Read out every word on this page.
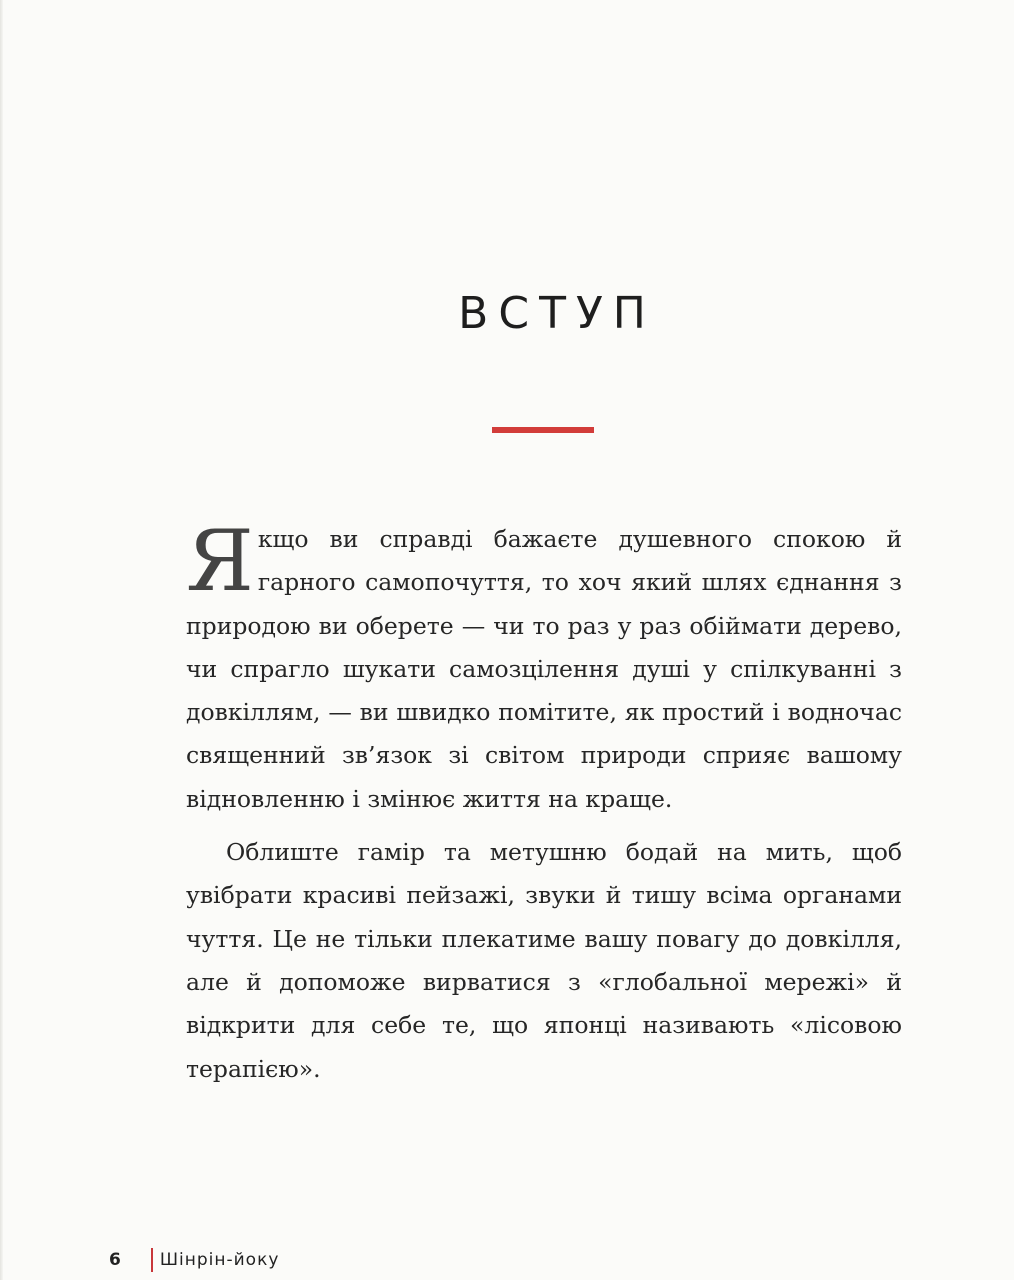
ВСТУП

Якщо ви справді бажаєте душевного спокою й гарного самопочуття, то хоч який шлях єднання з природою ви оберете — чи то раз у раз обіймати дерево, чи спрагло шукати самозцілення душі у спілкуванні з довкіллям, — ви швидко помітите, як простий і водночас священний зв’язок зі світом природи сприяє вашому відновленню і змінює життя на краще.

Облиште гамір та метушню бодай на мить, щоб увібрати красиві пейзажі, звуки й тишу всіма органами чуття. Це не тільки плекатиме вашу повагу до довкілля, але й допоможе вирватися з «глобальної мережі» й відкрити для себе те, що японці називають «лісовою терапією».

6 Шінрін-йоку
